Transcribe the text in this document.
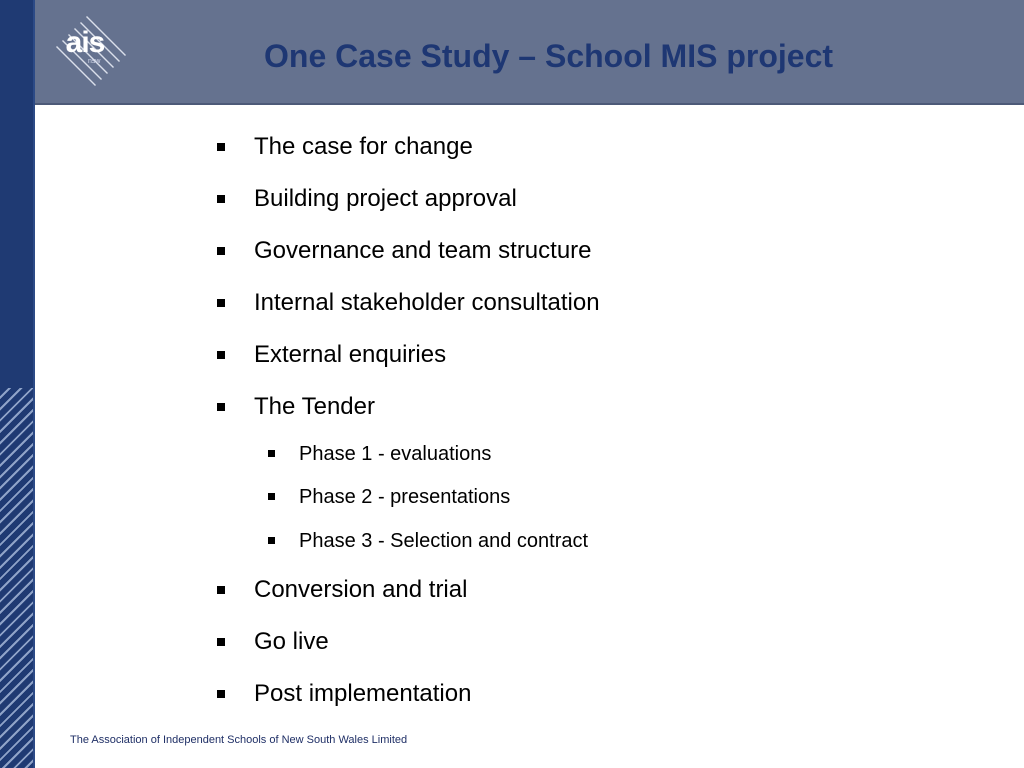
ais
nsw	One Case Study – School MIS project
The case for change
Building project approval
Governance and team structure
Internal stakeholder consultation
External enquiries
The Tender
Phase 1 - evaluations
Phase 2 - presentations
Phase 3 - Selection and contract
Conversion and trial
Go live
Post implementation
The Association of Independent Schools of New South Wales Limited
